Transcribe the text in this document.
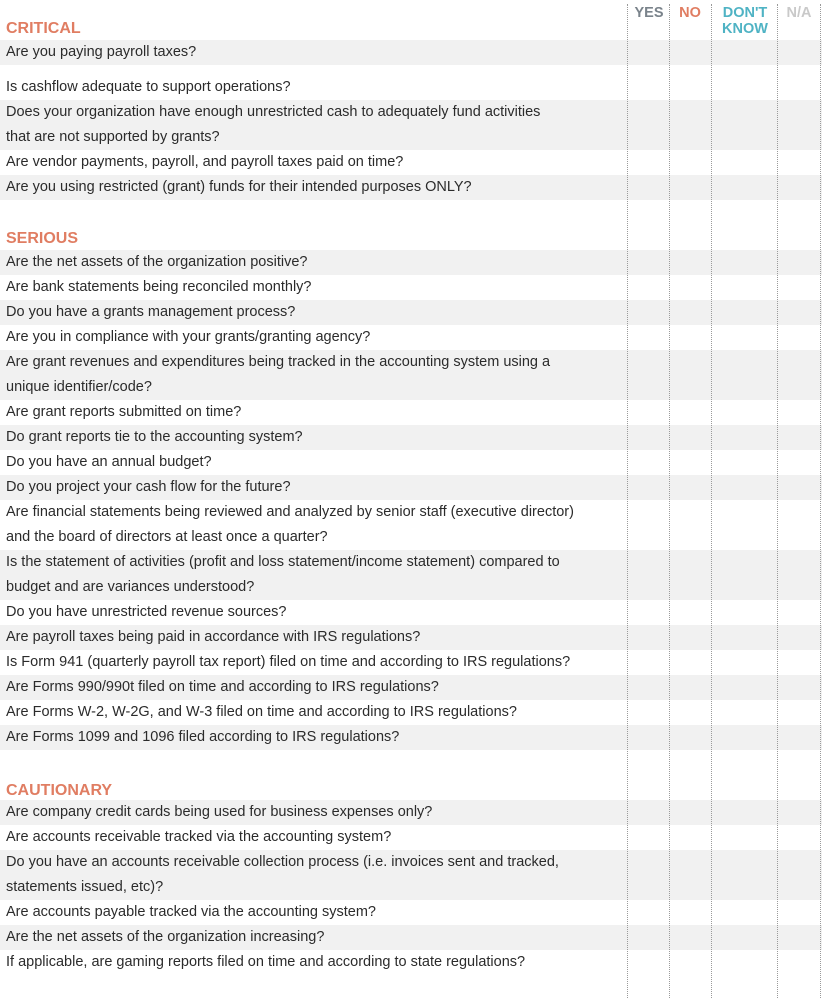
YES	NO	DON'T
KNOW
N/A
CRITICAL
SERIOUS
CAUTIONARY
Are you paying payroll taxes?
Is cashflow adequate to support operations?
Does your organization have enough unrestricted cash to adequately fund activities
that are not supported by grants?
Are vendor payments, payroll, and payroll taxes paid on time?
Are you using restricted (grant) funds for their intended purposes ONLY?
Are the net assets of the organization positive?
Are bank statements being reconciled monthly?
Do you have a grants management process?
Are you in compliance with your grants/granting agency?
Are grant revenues and expenditures being tracked in the accounting system using a
unique identifier/code?
Are grant reports submitted on time?
Do grant reports tie to the accounting system?
Do you have an annual budget?
Do you project your cash flow for the future?
Are financial statements being reviewed and analyzed by senior staff (executive director)
and the board of directors at least once a quarter?
Is the statement of activities (profit and loss statement/income statement) compared to
budget and are variances understood?
Do you have unrestricted revenue sources?
Are payroll taxes being paid in accordance with IRS regulations?
Is Form 941 (quarterly payroll tax report) filed on time and according to IRS regulations?
Are Forms 990/990t filed on time and according to IRS regulations?
Are Forms W-2, W-2G, and W-3 filed on time and according to IRS regulations?
Are Forms 1099 and 1096 filed according to IRS regulations?
Are company credit cards being used for business expenses only?
Are accounts receivable tracked via the accounting system?
Do you have an accounts receivable collection process (i.e. invoices sent and tracked,
statements issued, etc)?
Are accounts payable tracked via the accounting system?
Are the net assets of the organization increasing?
If applicable, are gaming reports filed on time and according to state regulations?
